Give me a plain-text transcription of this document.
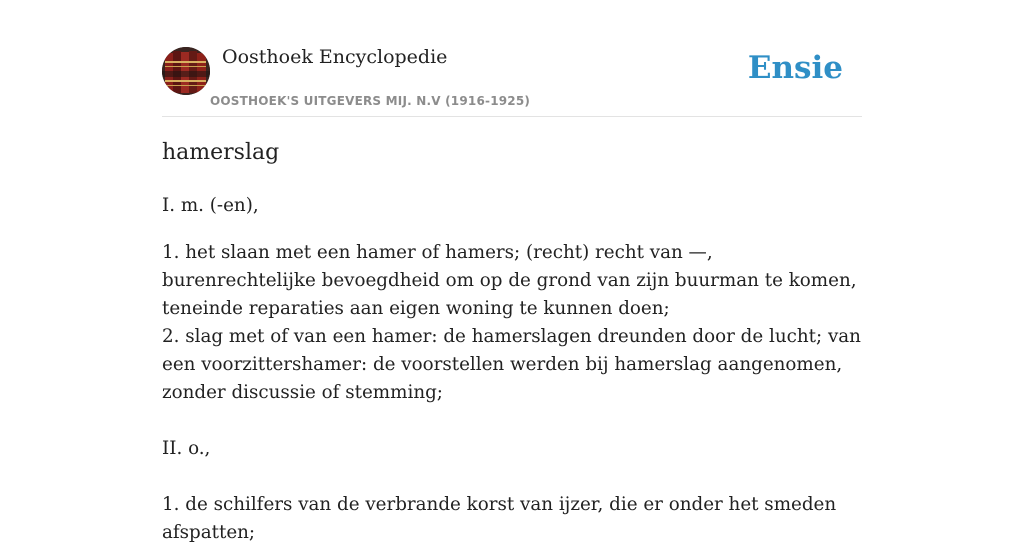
Oosthoek Encyclopedie
OOSTHOEK'S UITGEVERS MIJ. N.V (1916-1925)
Ensie
hamerslag

I. m. (-en),

1. het slaan met een hamer of hamers; (recht) recht van —, burenrechtelijke bevoegdheid om op de grond van zijn buurman te komen, teneinde reparaties aan eigen woning te kunnen doen;

2. slag met of van een hamer: de hamerslagen dreunden door de lucht; van een voorzittershamer: de voorstellen werden bij hamerslag aangenomen, zonder discussie of stemming;

II. o.,

1. de schilfers van de verbrande korst van ijzer, die er onder het smeden afspatten;
